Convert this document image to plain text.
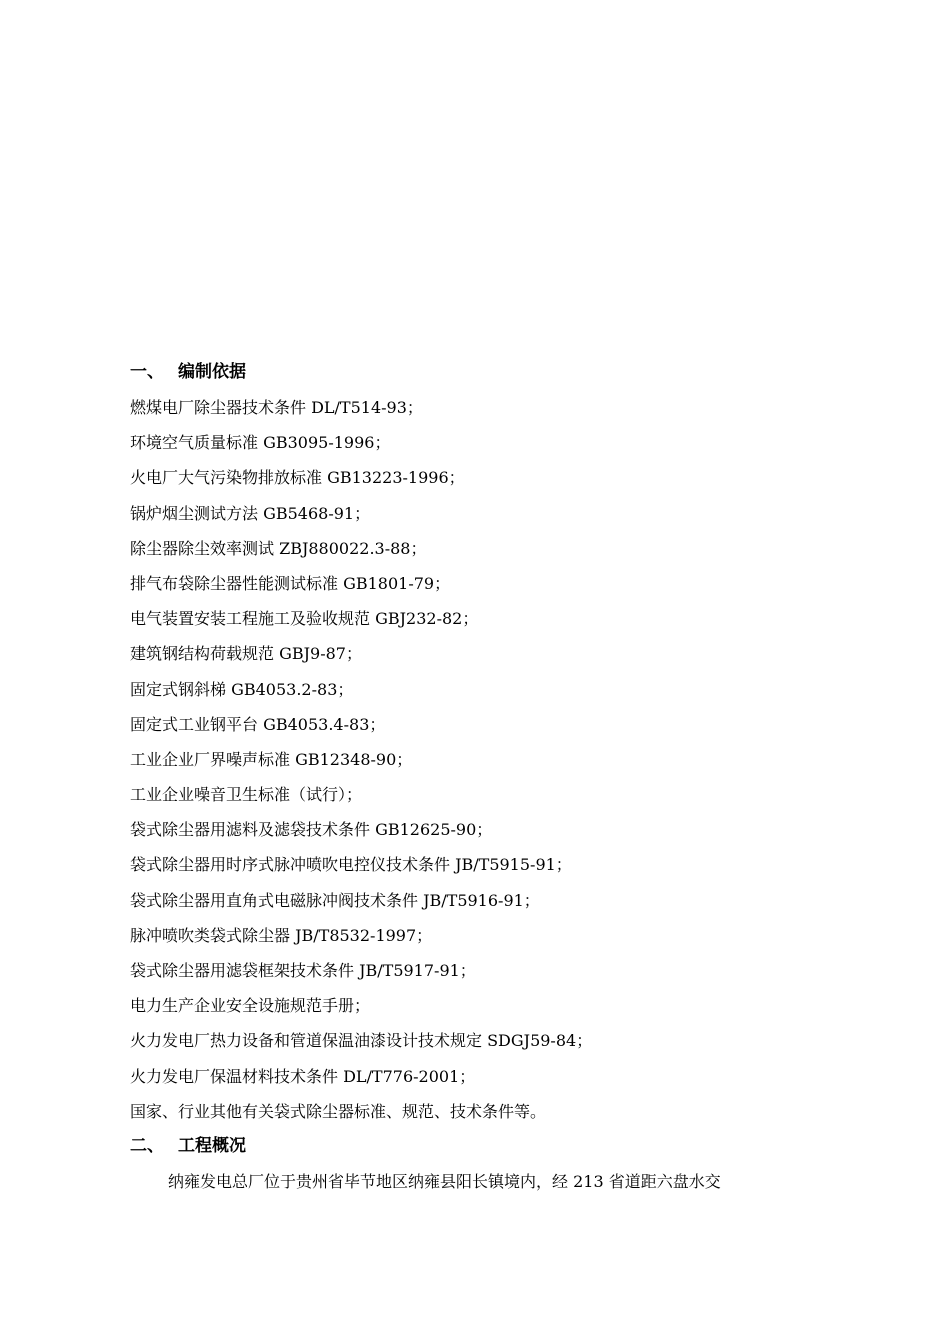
一、 编制依据
燃煤电厂除尘器技术条件 DL/T514-93；
环境空气质量标准 GB3095-1996；
火电厂大气污染物排放标准 GB13223-1996；
锅炉烟尘测试方法 GB5468-91；
除尘器除尘效率测试 ZBJ880022.3-88；
排气布袋除尘器性能测试标准 GB1801-79；
电气装置安装工程施工及验收规范 GBJ232-82；
建筑钢结构荷载规范 GBJ9-87；
固定式钢斜梯 GB4053.2-83；
固定式工业钢平台 GB4053.4-83；
工业企业厂界噪声标准 GB12348-90；
工业企业噪音卫生标准（试行）；
袋式除尘器用滤料及滤袋技术条件 GB12625-90；
袋式除尘器用时序式脉冲喷吹电控仪技术条件 JB/T5915-91；
袋式除尘器用直角式电磁脉冲阀技术条件 JB/T5916-91；
脉冲喷吹类袋式除尘器 JB/T8532-1997；
袋式除尘器用滤袋框架技术条件 JB/T5917-91；
电力生产企业安全设施规范手册；
火力发电厂热力设备和管道保温油漆设计技术规定 SDGJ59-84；
火力发电厂保温材料技术条件 DL/T776-2001；
国家、行业其他有关袋式除尘器标准、规范、技术条件等。
二、 工程概况
纳雍发电总厂位于贵州省毕节地区纳雍县阳长镇境内，经 213 省道距六盘水交
